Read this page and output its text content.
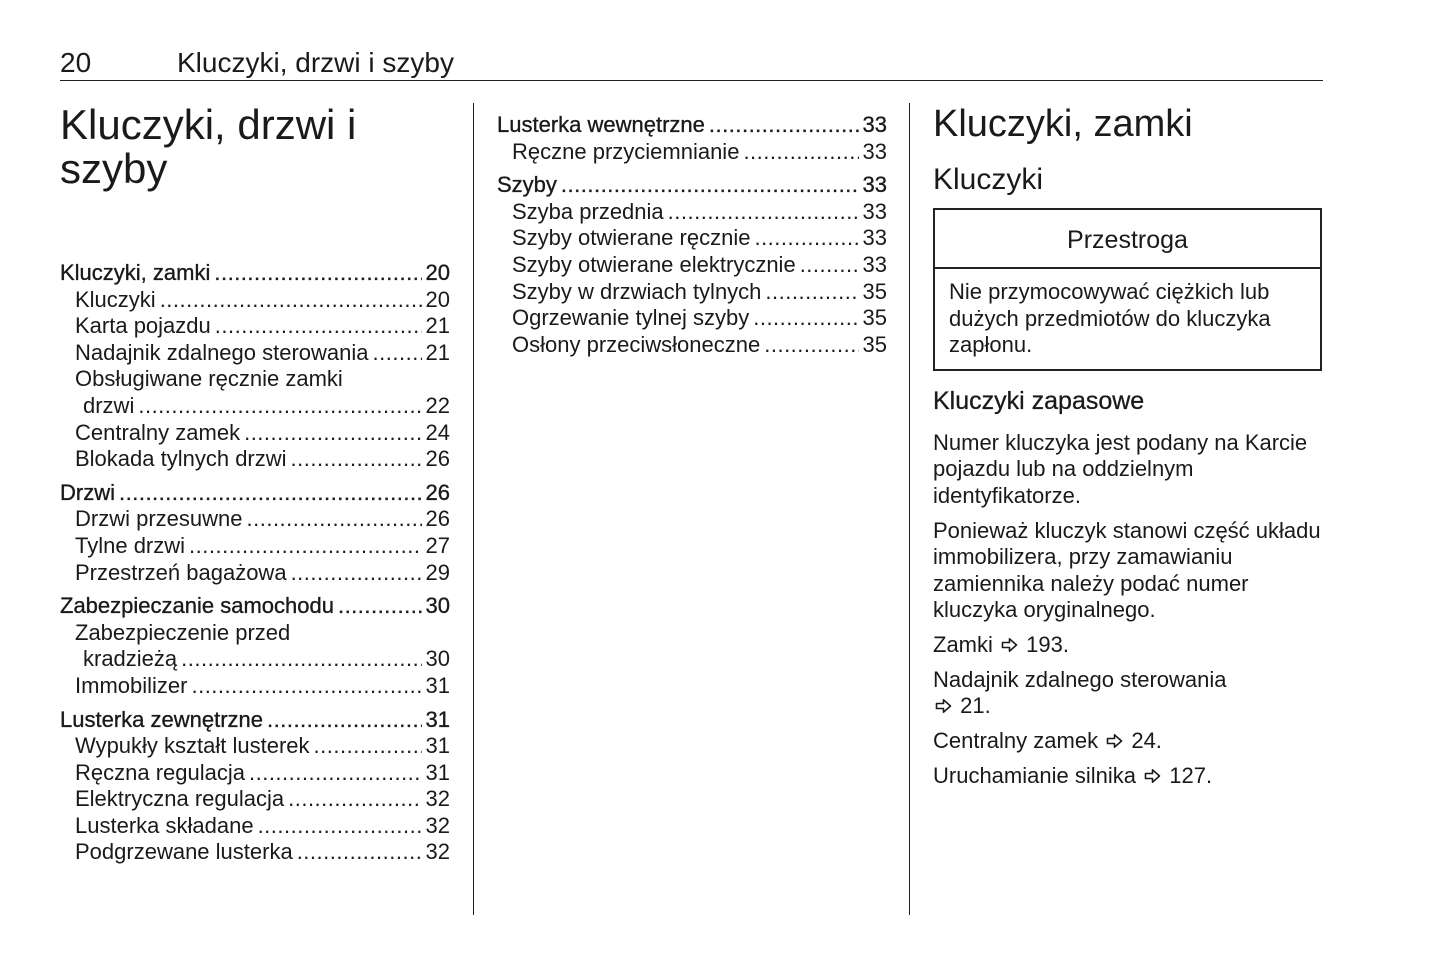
20	Kluczyki, drzwi i szyby
Kluczyki, drzwi i szyby
Kluczyki, zamki .....	20
Kluczyki .....	20
Karta pojazdu .....	21
Nadajnik zdalnego sterowania .....	21
Obsługiwane ręcznie zamki
drzwi .....	22
Centralny zamek .....	24
Blokada tylnych drzwi .....	26
Drzwi .....	26
Drzwi przesuwne .....	26
Tylne drzwi .....	27
Przestrzeń bagażowa .....	29
Zabezpieczanie samochodu .....	30
Zabezpieczenie przed
kradzieżą .....	30
Immobilizer .....	31
Lusterka zewnętrzne .....	31
Wypukły kształt lusterek .....	31
Ręczna regulacja .....	31
Elektryczna regulacja .....	32
Lusterka składane .....	32
Podgrzewane lusterka .....	32
Lusterka wewnętrzne .....	33
Ręczne przyciemnianie .....	33
Szyby .....	33
Szyba przednia .....	33
Szyby otwierane ręcznie .....	33
Szyby otwierane elektrycznie .....	33
Szyby w drzwiach tylnych .....	35
Ogrzewanie tylnej szyby .....	35
Osłony przeciwsłoneczne .....	35
Kluczyki, zamki
Kluczyki
Przestroga
Nie przymocowywać ciężkich lub dużych przedmiotów do kluczyka zapłonu.
Kluczyki zapasowe

Numer kluczyka jest podany na Karcie pojazdu lub na oddzielnym identyfikatorze.

Ponieważ kluczyk stanowi część układu immobilizera, przy zamawianiu zamiennika należy podać numer kluczyka oryginalnego.

Zamki 193.

Nadajnik zdalnego sterowania
21.

Centralny zamek 24.

Uruchamianie silnika 127.
